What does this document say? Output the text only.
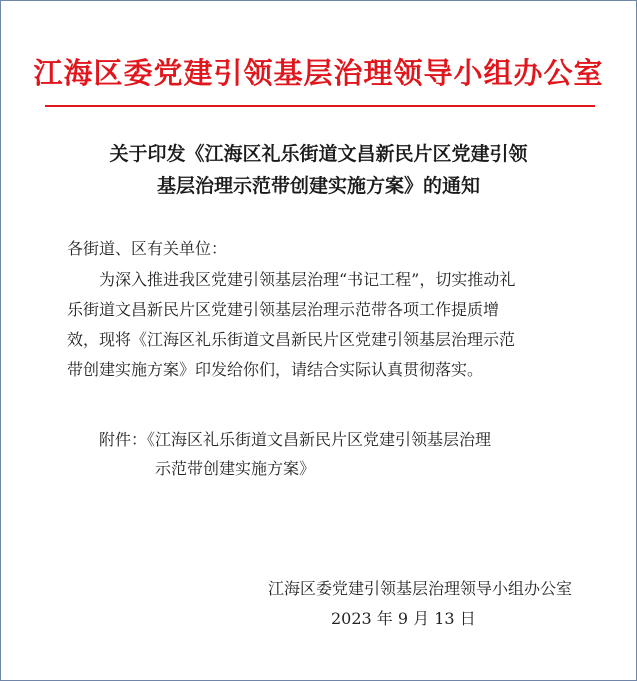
江海区委党建引领基层治理领导小组办公室
关于印发《江海区礼乐街道文昌新民片区党建引领
基层治理示范带创建实施方案》的通知
各街道、区有关单位：
为深入推进我区党建引领基层治理“书记工程”，切实推动礼
乐街道文昌新民片区党建引领基层治理示范带各项工作提质增
效，现将《江海区礼乐街道文昌新民片区党建引领基层治理示范
带创建实施方案》印发给你们，请结合实际认真贯彻落实。
附件：《江海区礼乐街道文昌新民片区党建引领基层治理
示范带创建实施方案》
江海区委党建引领基层治理领导小组办公室
2023 年 9 月 13 日
